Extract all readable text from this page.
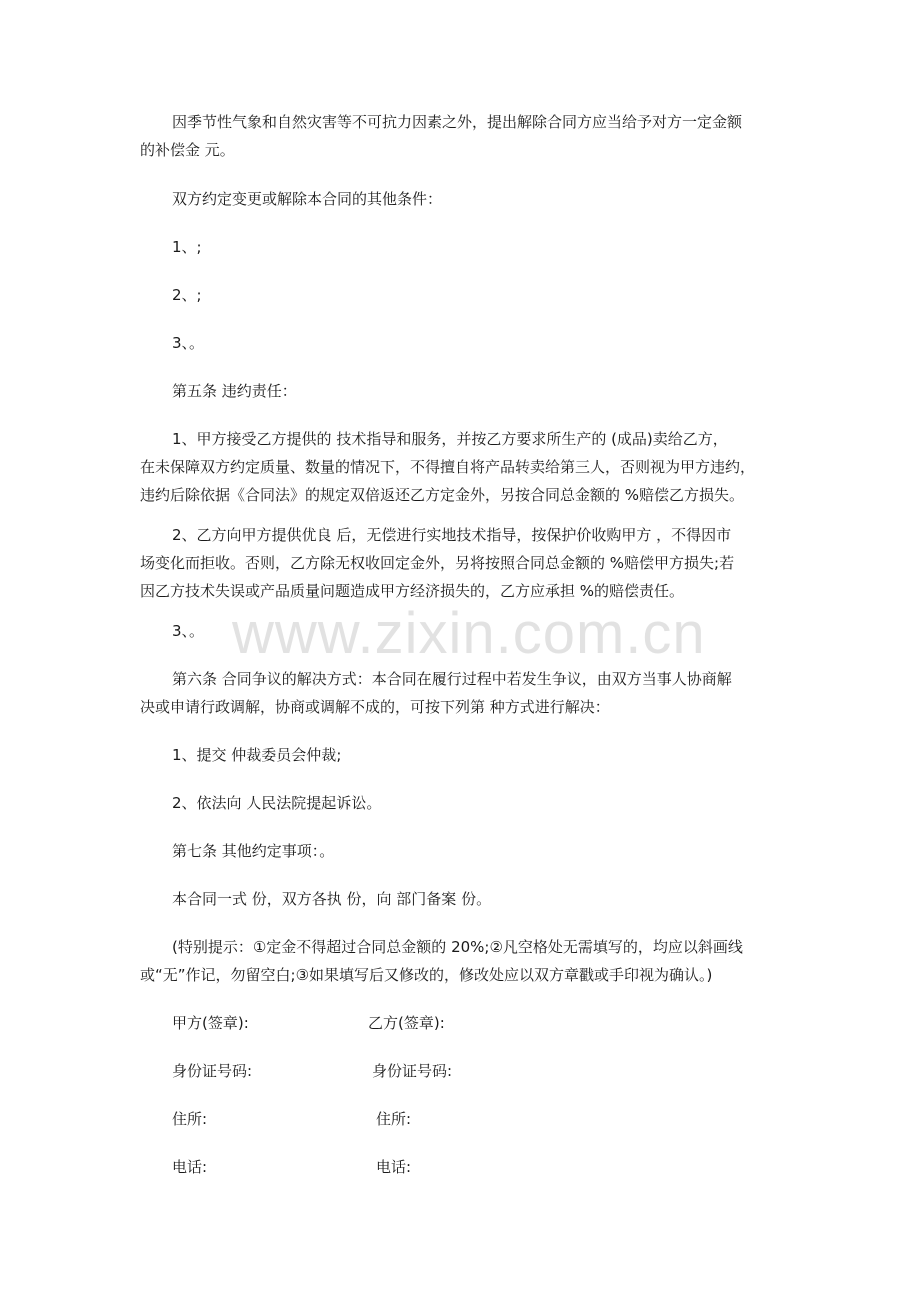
因季节性气象和自然灾害等不可抗力因素之外，提出解除合同方应当给予对方一定金额
的补偿金 元。
双方约定变更或解除本合同的其他条件：
1、;
2、;
3、。
第五条 违约责任：
1、甲方接受乙方提供的 技术指导和服务，并按乙方要求所生产的 (成品)卖给乙方，
在未保障双方约定质量、数量的情况下，不得擅自将产品转卖给第三人，否则视为甲方违约，
违约后除依据《合同法》的规定双倍返还乙方定金外，另按合同总金额的 %赔偿乙方损失。
2、乙方向甲方提供优良 后，无偿进行实地技术指导，按保护价收购甲方 ，不得因市
场变化而拒收。否则，乙方除无权收回定金外，另将按照合同总金额的 %赔偿甲方损失;若
因乙方技术失误或产品质量问题造成甲方经济损失的，乙方应承担 %的赔偿责任。
3、。
第六条 合同争议的解决方式：本合同在履行过程中若发生争议，由双方当事人协商解
决或申请行政调解，协商或调解不成的，可按下列第 种方式进行解决：
1、提交 仲裁委员会仲裁;
2、依法向 人民法院提起诉讼。
第七条 其他约定事项：。
本合同一式 份，双方各执 份，向 部门备案 份。
(特别提示：①定金不得超过合同总金额的 20%;②凡空格处无需填写的，均应以斜画线
或“无”作记，勿留空白;③如果填写后又修改的，修改处应以双方章戳或手印视为确认。)
甲方(签章):	乙方(签章):
身份证号码:	身份证号码:
住所:	住所:
电话:	电话:
www.zixin.com.cn
